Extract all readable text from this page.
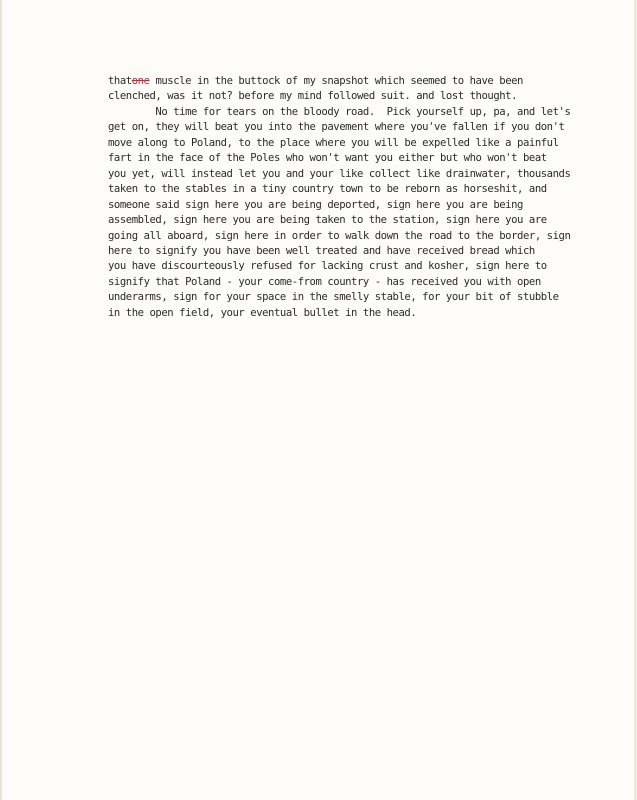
thatone muscle in the buttock of my snapshot which seemed to have been
clenched, was it not? before my mind followed suit. and lost thought.
No time for tears on the bloody road.  Pick yourself up, pa, and let's
get on, they will beat you into the pavement where you've fallen if you don't
move along to Poland, to the place where you will be expelled like a painful
fart in the face of the Poles who won't want you either but who won't beat
you yet, will instead let you and your like collect like drainwater, thousands
taken to the stables in a tiny country town to be reborn as horseshit, and
someone said sign here you are being deported, sign here you are being
assembled, sign here you are being taken to the station, sign here you are
going all aboard, sign here in order to walk down the road to the border, sign
here to signify you have been well treated and have received bread which
you have discourteously refused for lacking crust and kosher, sign here to
signify that Poland - your come-from country - has received you with open
underarms, sign for your space in the smelly stable, for your bit of stubble
in the open field, your eventual bullet in the head.
